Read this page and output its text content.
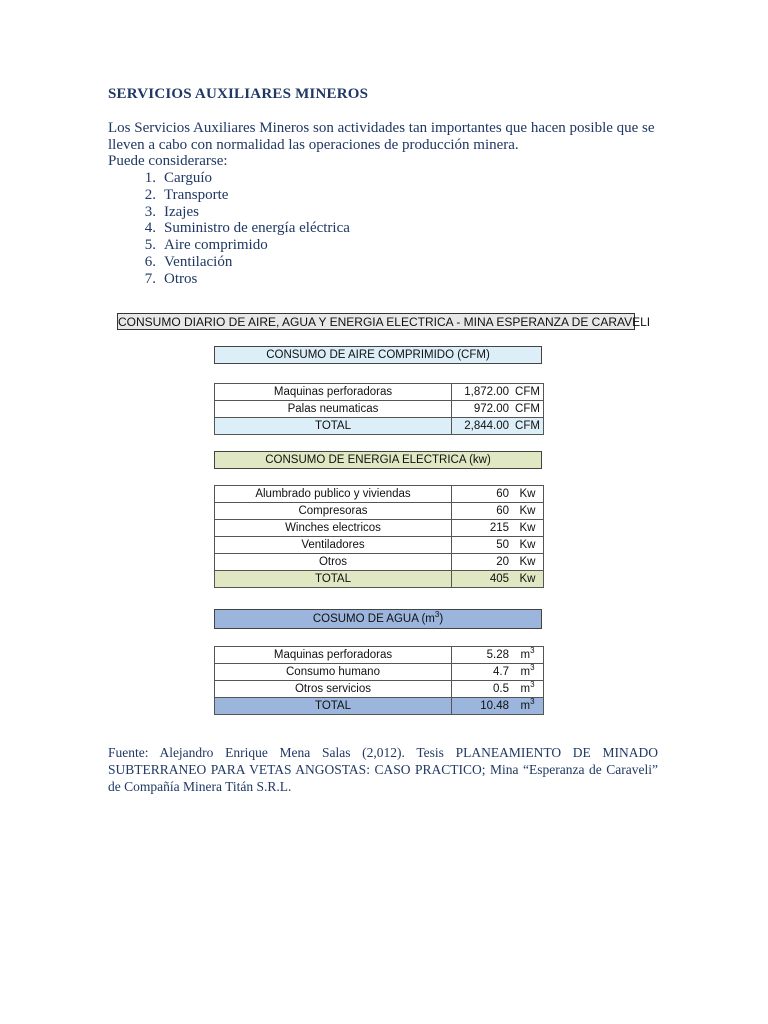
SERVICIOS AUXILIARES MINEROS

Los Servicios Auxiliares Mineros son actividades tan importantes que hacen posible que se lleven a cabo con normalidad las operaciones de producción minera.

Puede considerarse:
1. Carguío
2. Transporte
3. Izajes
4. Suministro de energía eléctrica
5. Aire comprimido
6. Ventilación
7. Otros
CONSUMO DIARIO DE AIRE, AGUA Y ENERGIA ELECTRICA - MINA ESPERANZA DE CARAVELI
CONSUMO DE AIRE COMPRIMIDO (CFM)
Maquinas perforadoras	1,872.00	CFM
Palas neumaticas	972.00	CFM
TOTAL	2,844.00	CFM
CONSUMO DE ENERGIA ELECTRICA (kw)
Alumbrado publico y viviendas	60	Kw
Compresoras	60	Kw
Winches electricos	215	Kw
Ventiladores	50	Kw
Otros	20	Kw
TOTAL	405	Kw
COSUMO DE AGUA $(m^3)$
Maquinas perforadoras	5.28	$m^3$
Consumo humano	4.7	$m^3$
Otros servicios	0.5	$m^3$
TOTAL	10.48	$m^3$
Fuente: Alejandro Enrique Mena Salas (2,012). Tesis PLANEAMIENTO DE MINADO SUBTERRANEO PARA VETAS ANGOSTAS: CASO PRACTICO; Mina “Esperanza de Caraveli” de Compañía Minera Titán S.R.L.
